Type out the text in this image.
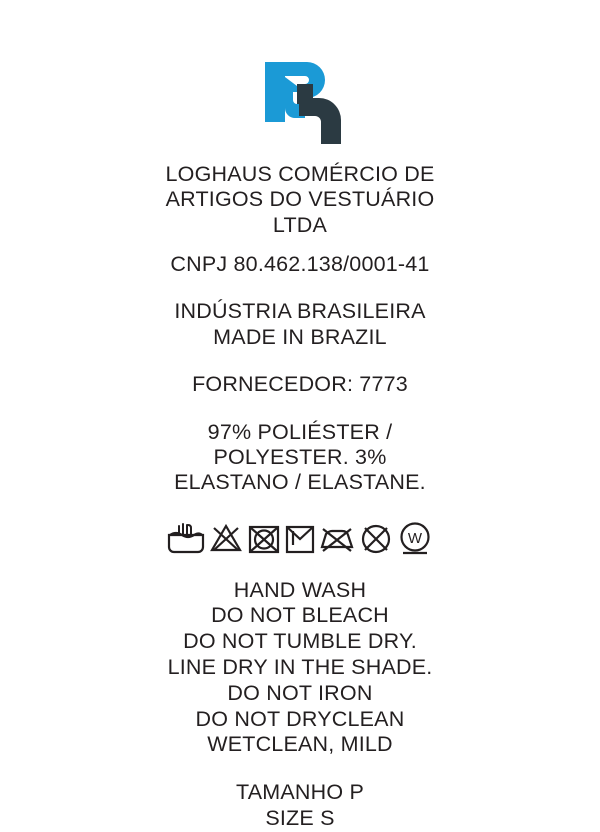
LOGHAUS COMÉRCIO DE
ARTIGOS DO VESTUÁRIO
LTDA
CNPJ 80.462.138/0001-41
INDÚSTRIA BRASILEIRA
MADE IN BRAZIL
FORNECEDOR: 7773
97% POLIÉSTER /
POLYESTER. 3%
ELASTANO / ELASTANE.
W
HAND WASH
DO NOT BLEACH
DO NOT TUMBLE DRY.
LINE DRY IN THE SHADE.
DO NOT IRON
DO NOT DRYCLEAN
WETCLEAN, MILD
TAMANHO P
SIZE S
